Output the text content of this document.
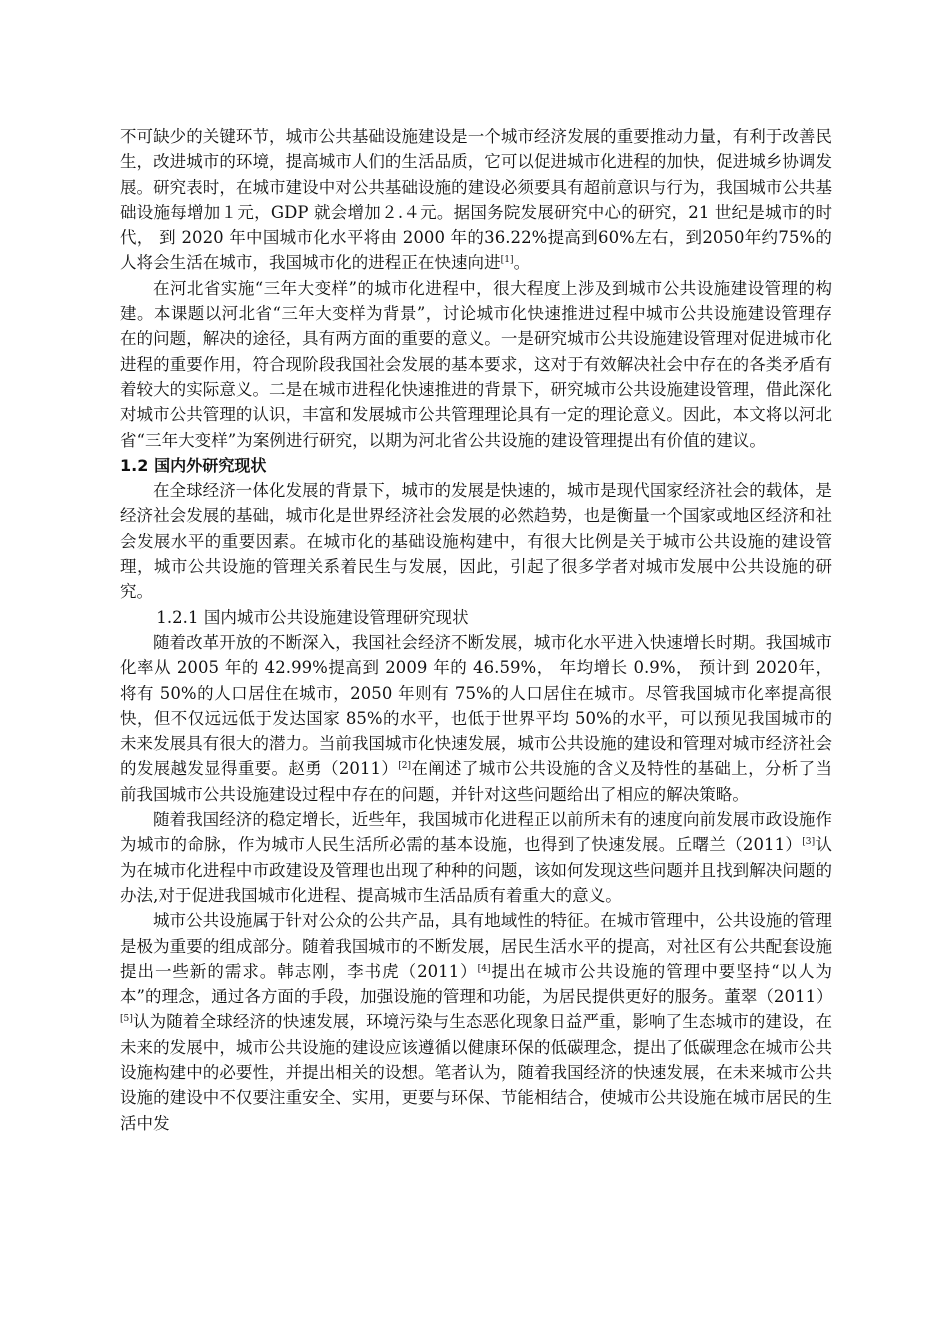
不可缺少的关键环节，城市公共基础设施建设是一个城市经济发展的重要推动力量，有利于改善民生，改进城市的环境，提高城市人们的生活品质，它可以促进城市化进程的加快，促进城乡协调发展。研究表时，在城市建设中对公共基础设施的建设必须要具有超前意识与行为，我国城市公共基础设施每增加１元，GDP 就会增加２.４元。据国务院发展研究中心的研究，21 世纪是城市的时代， 到 2020 年中国城市化水平将由 2000 年的36.22%提高到60%左右，到2050年约75%的人将会生活在城市，我国城市化的进程正在快速向进[1]。

在河北省实施“三年大变样”的城市化进程中，很大程度上涉及到城市公共设施建设管理的构建。本课题以河北省“三年大变样为背景”，讨论城市化快速推进过程中城市公共设施建设管理存在的问题，解决的途径，具有两方面的重要的意义。一是研究城市公共设施建设管理对促进城市化进程的重要作用，符合现阶段我国社会发展的基本要求，这对于有效解决社会中存在的各类矛盾有着较大的实际意义。二是在城市进程化快速推进的背景下，研究城市公共设施建设管理，借此深化对城市公共管理的认识，丰富和发展城市公共管理理论具有一定的理论意义。因此，本文将以河北省“三年大变样”为案例进行研究，以期为河北省公共设施的建设管理提出有价值的建议。

1.2 国内外研究现状

在全球经济一体化发展的背景下，城市的发展是快速的，城市是现代国家经济社会的载体，是经济社会发展的基础，城市化是世界经济社会发展的必然趋势，也是衡量一个国家或地区经济和社会发展水平的重要因素。在城市化的基础设施构建中，有很大比例是关于城市公共设施的建设管理，城市公共设施的管理关系着民生与发展，因此，引起了很多学者对城市发展中公共设施的研究。

1.2.1 国内城市公共设施建设管理研究现状

随着改革开放的不断深入，我国社会经济不断发展，城市化水平进入快速增长时期。我国城市化率从 2005 年的 42.99%提高到 2009 年的 46.59%， 年均增长 0.9%， 预计到 2020年，将有 50%的人口居住在城市，2050 年则有 75%的人口居住在城市。尽管我国城市化率提高很快，但不仅远远低于发达国家 85%的水平，也低于世界平均 50%的水平，可以预见我国城市的未来发展具有很大的潜力。当前我国城市化快速发展，城市公共设施的建设和管理对城市经济社会的发展越发显得重要。赵勇（2011）[2]在阐述了城市公共设施的含义及特性的基础上，分析了当前我国城市公共设施建设过程中存在的问题，并针对这些问题给出了相应的解决策略。

随着我国经济的稳定增长，近些年，我国城市化进程正以前所未有的速度向前发展市政设施作为城市的命脉，作为城市人民生活所必需的基本设施，也得到了快速发展。丘曙兰（2011）[3]认为在城市化进程中市政建设及管理也出现了种种的问题，该如何发现这些问题并且找到解决问题的办法,对于促进我国城市化进程、提高城市生活品质有着重大的意义。

城市公共设施属于针对公众的公共产品，具有地域性的特征。在城市管理中，公共设施的管理是极为重要的组成部分。随着我国城市的不断发展，居民生活水平的提高，对社区有公共配套设施提出一些新的需求。韩志刚，李书虎（2011）[4]提出在城市公共设施的管理中要坚持“以人为本”的理念，通过各方面的手段，加强设施的管理和功能，为居民提供更好的服务。董翠（2011）[5]认为随着全球经济的快速发展，环境污染与生态恶化现象日益严重，影响了生态城市的建设，在未来的发展中，城市公共设施的建设应该遵循以健康环保的低碳理念，提出了低碳理念在城市公共设施构建中的必要性，并提出相关的设想。笔者认为，随着我国经济的快速发展，在未来城市公共设施的建设中不仅要注重安全、实用，更要与环保、节能相结合，使城市公共设施在城市居民的生活中发
